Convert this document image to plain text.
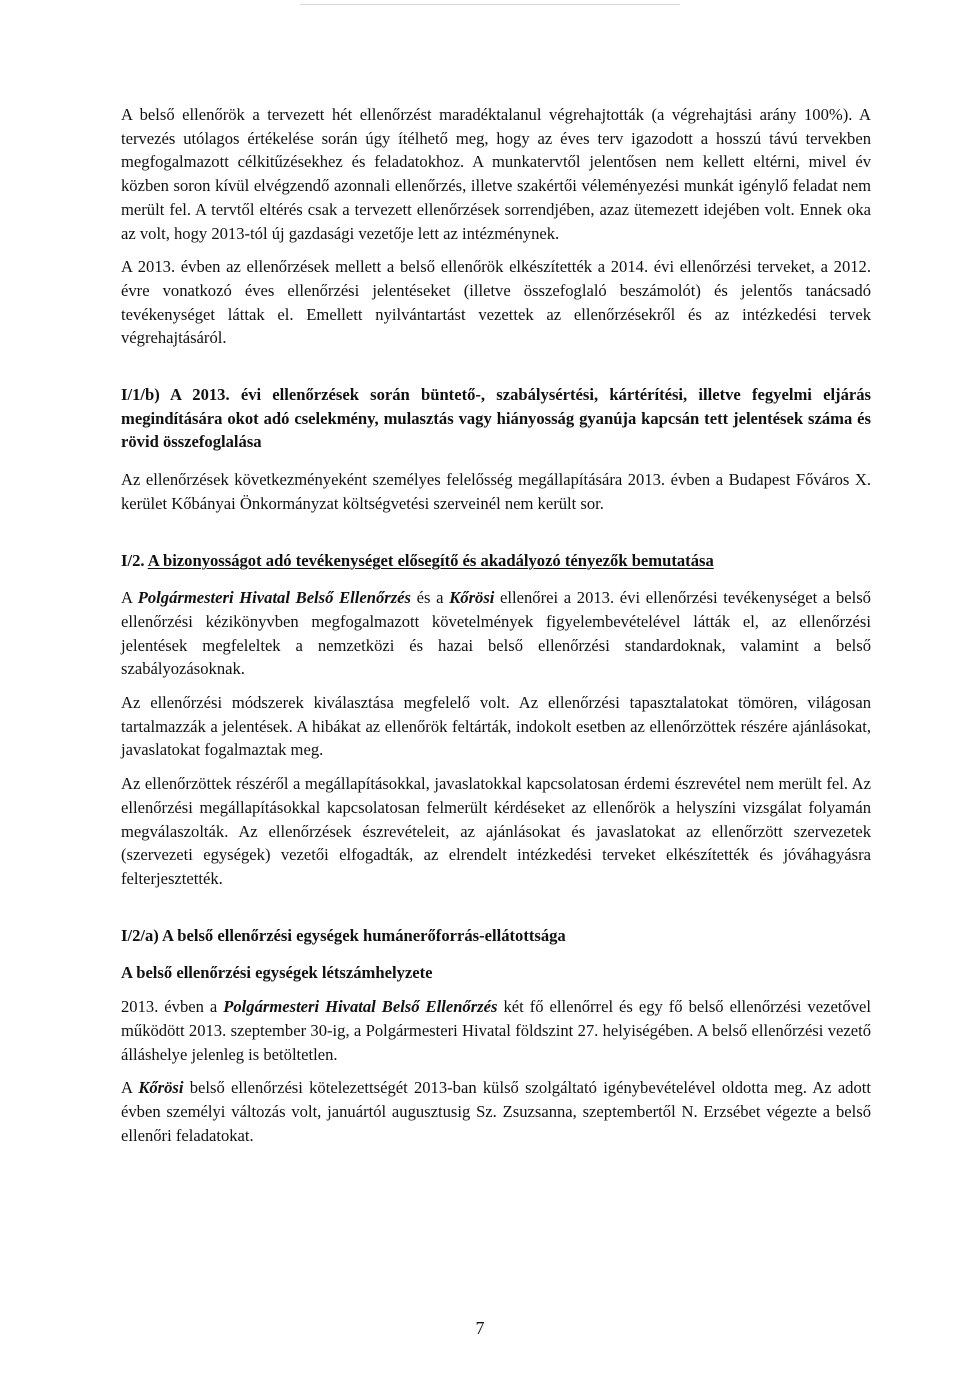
A belső ellenőrök a tervezett hét ellenőrzést maradéktalanul végrehajtották (a végrehajtási arány 100%). A tervezés utólagos értékelése során úgy ítélhető meg, hogy az éves terv igazodott a hosszú távú tervekben megfogalmazott célkitűzésekhez és feladatokhoz. A munkatervtől jelentősen nem kellett eltérni, mivel év közben soron kívül elvégzendő azonnali ellenőrzés, illetve szakértői véleményezési munkát igénylő feladat nem merült fel. A tervtől eltérés csak a tervezett ellenőrzések sorrendjében, azaz ütemezett idejében volt. Ennek oka az volt, hogy 2013-tól új gazdasági vezetője lett az intézménynek.

A 2013. évben az ellenőrzések mellett a belső ellenőrök elkészítették a 2014. évi ellenőrzési terveket, a 2012. évre vonatkozó éves ellenőrzési jelentéseket (illetve összefoglaló beszámolót) és jelentős tanácsadó tevékenységet láttak el. Emellett nyilvántartást vezettek az ellenőrzésekről és az intézkedési tervek végrehajtásáról.

I/1/b) A 2013. évi ellenőrzések során büntető-, szabálysértési, kártérítési, illetve fegyelmi eljárás megindítására okot adó cselekmény, mulasztás vagy hiányosság gyanúja kapcsán tett jelentések száma és rövid összefoglalása

Az ellenőrzések következményeként személyes felelősség megállapítására 2013. évben a Budapest Főváros X. kerület Kőbányai Önkormányzat költségvetési szerveinél nem került sor.

I/2. A bizonyosságot adó tevékenységet elősegítő és akadályozó tényezők bemutatása

A Polgármesteri Hivatal Belső Ellenőrzés és a Kőrösi ellenőrei a 2013. évi ellenőrzési tevékenységet a belső ellenőrzési kézikönyvben megfogalmazott követelmények figyelembevételével látták el, az ellenőrzési jelentések megfeleltek a nemzetközi és hazai belső ellenőrzési standardoknak, valamint a belső szabályozásoknak.

Az ellenőrzési módszerek kiválasztása megfelelő volt. Az ellenőrzési tapasztalatokat tömören, világosan tartalmazzák a jelentések. A hibákat az ellenőrök feltárták, indokolt esetben az ellenőrzöttek részére ajánlásokat, javaslatokat fogalmaztak meg.

Az ellenőrzöttek részéről a megállapításokkal, javaslatokkal kapcsolatosan érdemi észrevétel nem merült fel. Az ellenőrzési megállapításokkal kapcsolatosan felmerült kérdéseket az ellenőrök a helyszíni vizsgálat folyamán megválaszolták. Az ellenőrzések észrevételeit, az ajánlásokat és javaslatokat az ellenőrzött szervezetek (szervezeti egységek) vezetői elfogadták, az elrendelt intézkedési terveket elkészítették és jóváhagyásra felterjesztették.

I/2/a) A belső ellenőrzési egységek humánerőforrás-ellátottsága

A belső ellenőrzési egységek létszámhelyzete

2013. évben a Polgármesteri Hivatal Belső Ellenőrzés két fő ellenőrrel és egy fő belső ellenőrzési vezetővel működött 2013. szeptember 30-ig, a Polgármesteri Hivatal földszint 27. helyiségében. A belső ellenőrzési vezető álláshelye jelenleg is betöltetlen.

A Kőrösi belső ellenőrzési kötelezettségét 2013-ban külső szolgáltató igénybevételével oldotta meg. Az adott évben személyi változás volt, januártól augusztusig Sz. Zsuzsanna, szeptembertől N. Erzsébet végezte a belső ellenőri feladatokat.

7
